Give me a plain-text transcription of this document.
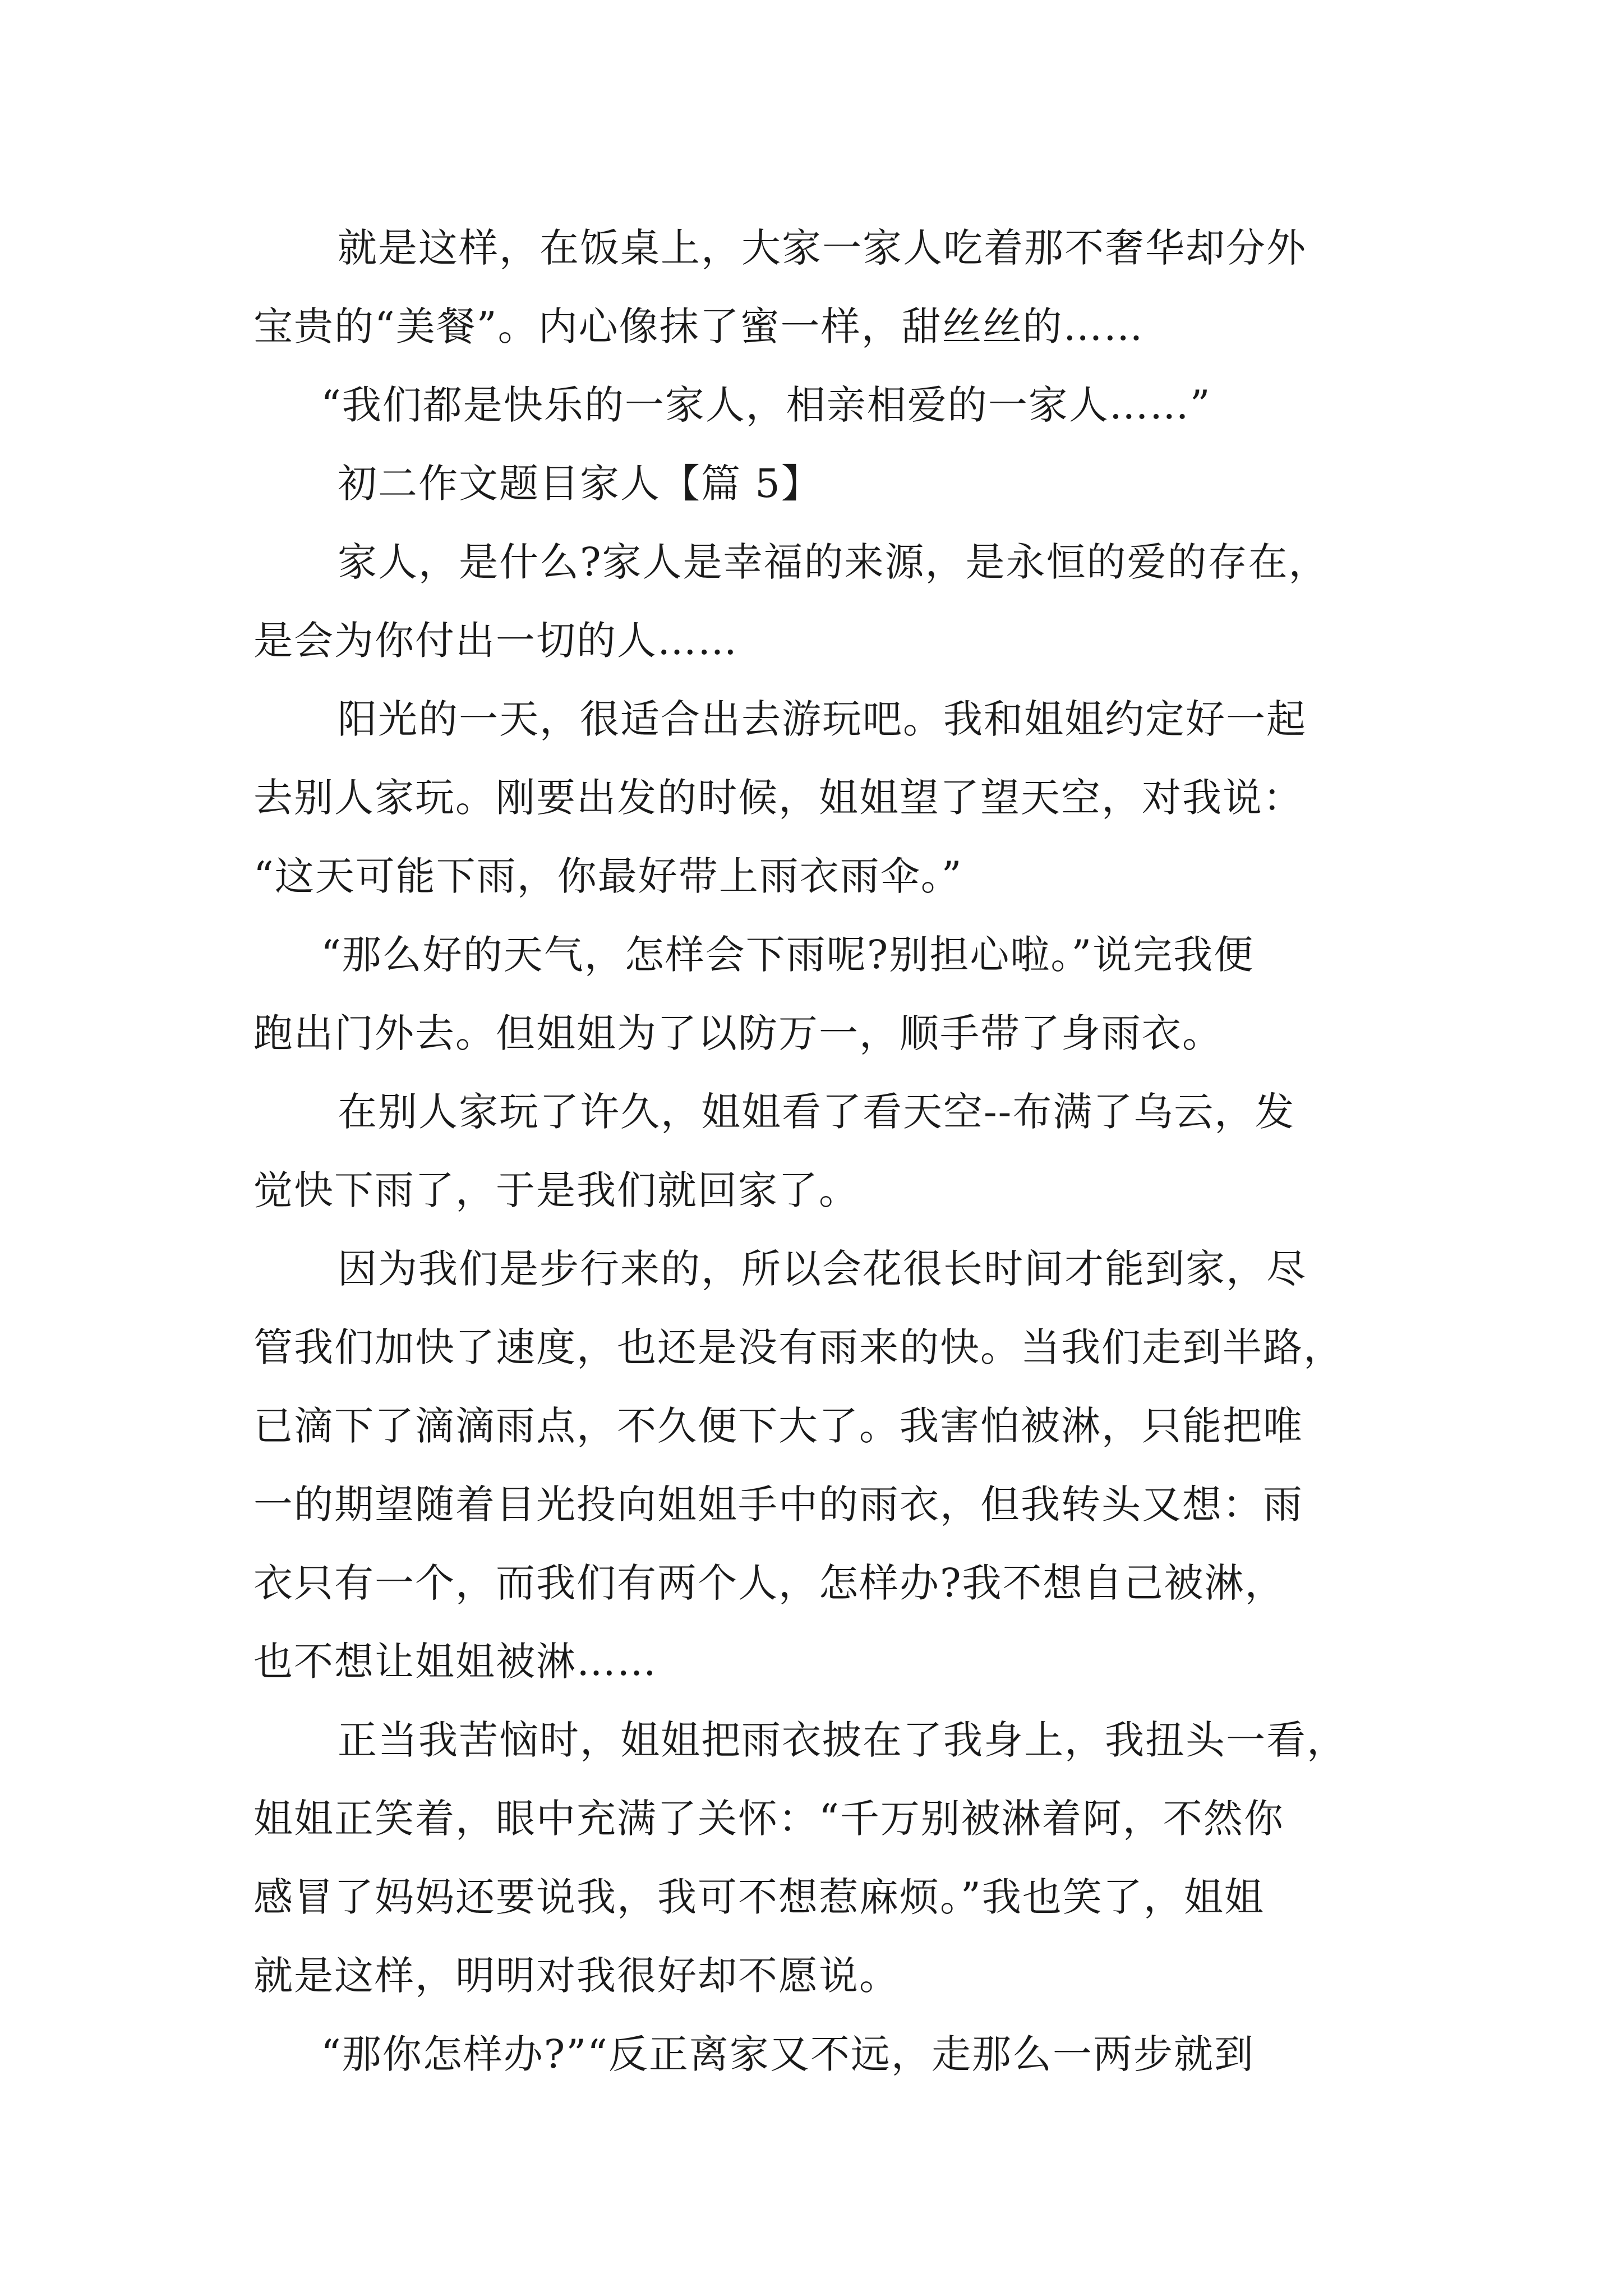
就是这样，在饭桌上，大家一家人吃着那不奢华却分外
宝贵的“美餐”。内心像抹了蜜一样，甜丝丝的……
“我们都是快乐的一家人，相亲相爱的一家人……”
初二作文题目家人【篇 5】
家人，是什么?家人是幸福的来源，是永恒的爱的存在，
是会为你付出一切的人……
阳光的一天，很适合出去游玩吧。我和姐姐约定好一起
去别人家玩。刚要出发的时候，姐姐望了望天空，对我说：
“这天可能下雨，你最好带上雨衣雨伞。”
“那么好的天气，怎样会下雨呢?别担心啦。”说完我便
跑出门外去。但姐姐为了以防万一，顺手带了身雨衣。
在别人家玩了许久，姐姐看了看天空--布满了乌云，发
觉快下雨了，于是我们就回家了。
因为我们是步行来的，所以会花很长时间才能到家，尽
管我们加快了速度，也还是没有雨来的快。当我们走到半路，
已滴下了滴滴雨点，不久便下大了。我害怕被淋，只能把唯
一的期望随着目光投向姐姐手中的雨衣，但我转头又想：雨
衣只有一个，而我们有两个人，怎样办?我不想自己被淋，
也不想让姐姐被淋……
正当我苦恼时，姐姐把雨衣披在了我身上，我扭头一看，
姐姐正笑着，眼中充满了关怀：“千万别被淋着阿，不然你
感冒了妈妈还要说我，我可不想惹麻烦。”我也笑了，姐姐
就是这样，明明对我很好却不愿说。
“那你怎样办?”“反正离家又不远，走那么一两步就到
